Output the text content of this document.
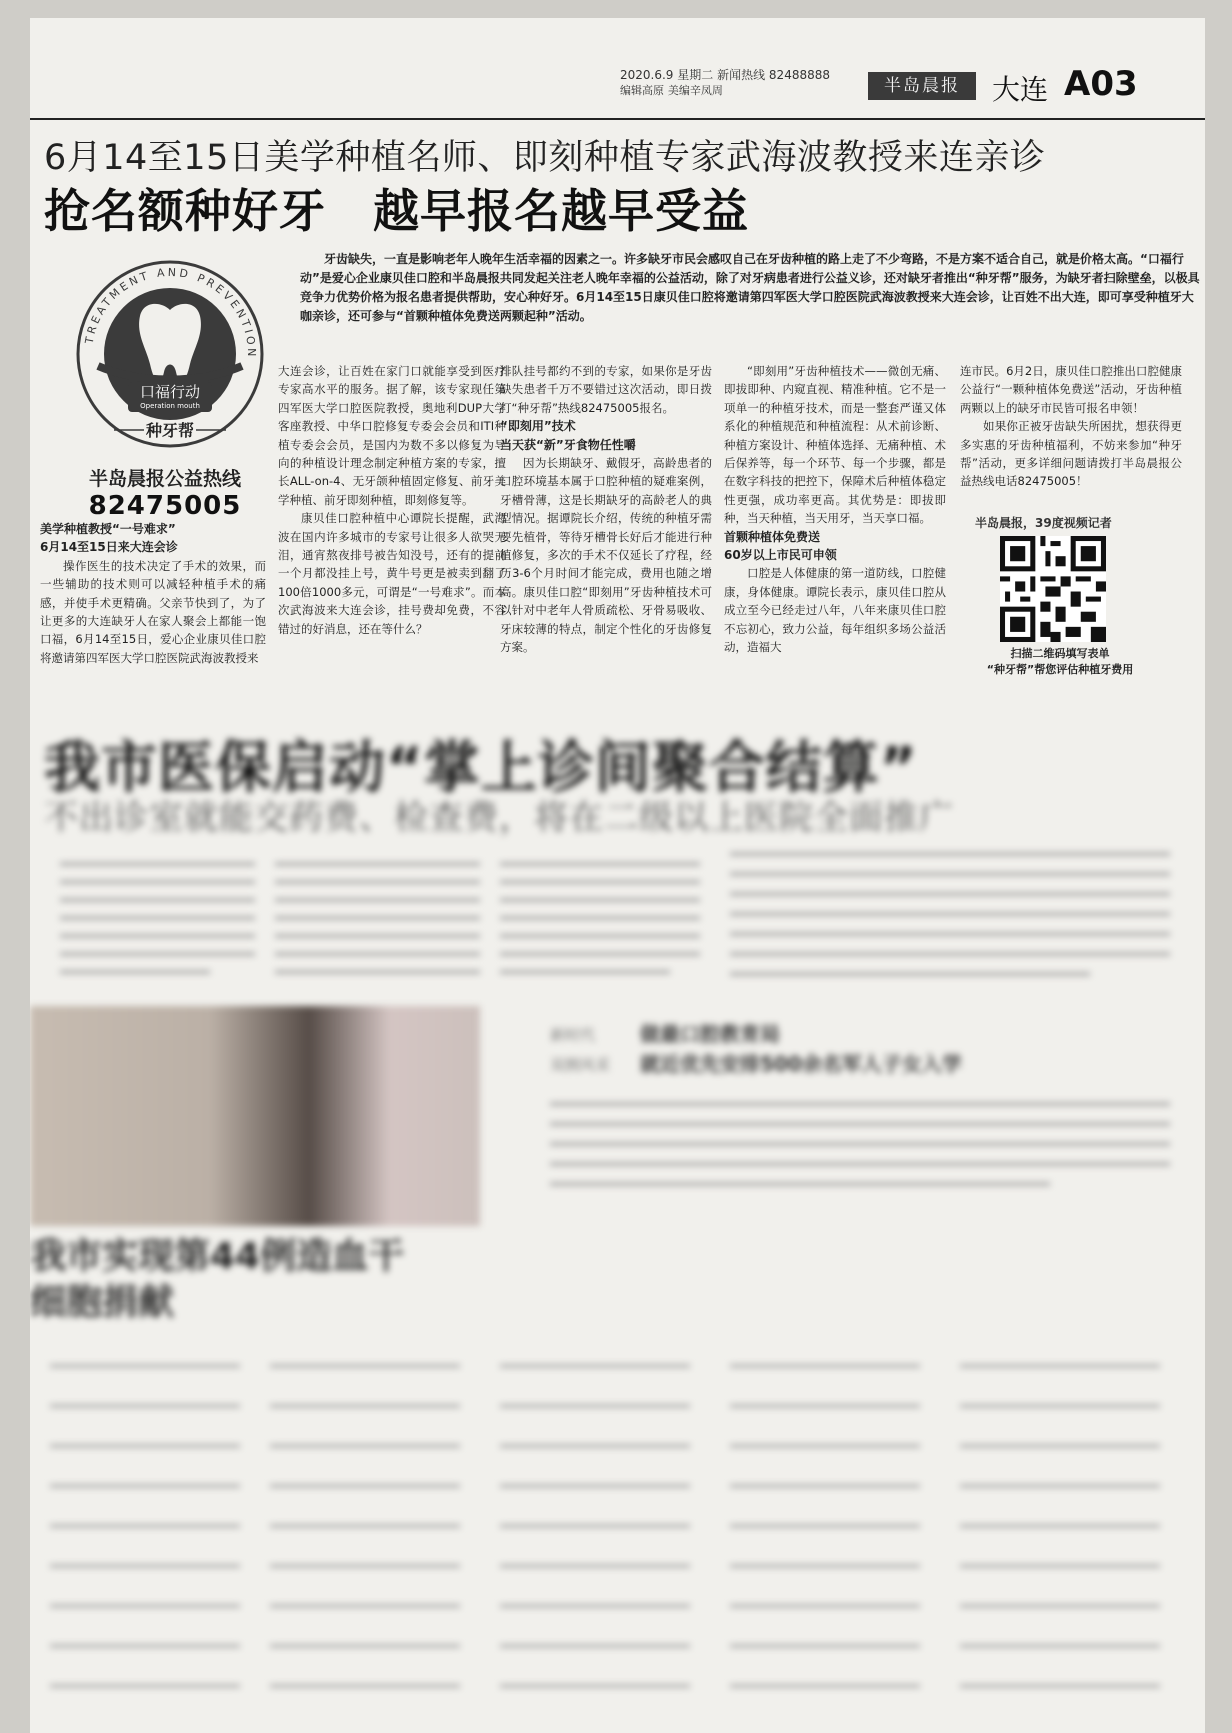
2020.6.9 星期二 新闻热线 82488888
编辑高原 美编辛凤周	半岛晨报	大连 A03
6月14至15日美学种植名师、即刻种植专家武海波教授来连亲诊
抢名额种好牙　越早报名越早受益
TREATMENT AND PREVENTION
口福行动
Operation mouth
种牙帮
半岛晨报公益热线
82475005
牙齿缺失，一直是影响老年人晚年生活幸福的因素之一。许多缺牙市民会感叹自己在牙齿种植的路上走了不少弯路，不是方案不适合自己，就是价格太高。“口福行动”是爱心企业康贝佳口腔和半岛晨报共同发起关注老人晚年幸福的公益活动，除了对牙病患者进行公益义诊，还对缺牙者推出“种牙帮”服务，为缺牙者扫除壁垒，以极具竞争力优势价格为报名患者提供帮助，安心种好牙。6月14至15日康贝佳口腔将邀请第四军医大学口腔医院武海波教授来大连会诊，让百姓不出大连，即可享受种植牙大咖亲诊，还可参与“首颗种植体免费送两颗起种”活动。

美学种植教授“一号难求”

6月14至15日来大连会诊

操作医生的技术决定了手术的效果，而一些辅助的技术则可以减轻种植手术的痛感，并使手术更精确。父亲节快到了，为了让更多的大连缺牙人在家人聚会上都能一饱口福，6月14至15日，爱心企业康贝佳口腔将邀请第四军医大学口腔医院武海波教授来

大连会诊，让百姓在家门口就能享受到医疗专家高水平的服务。据了解，该专家现任第四军医大学口腔医院教授，奥地利DUP大学客座教授、中华口腔修复专委会会员和ITI种植专委会会员，是国内为数不多以修复为导向的种植设计理念制定种植方案的专家，擅长ALL-on-4、无牙颌种植固定修复、前牙美学种植、前牙即刻种植，即刻修复等。

康贝佳口腔种植中心谭院长提醒，武海波在国内许多城市的专家号让很多人欲哭无泪，通宵熬夜排号被告知没号，还有的提前一个月都没挂上号，黄牛号更是被卖到翻了100倍1000多元，可谓是“一号难求”。而本次武海波来大连会诊，挂号费却免费，不容错过的好消息，还在等什么？

排队挂号都约不到的专家，如果你是牙齿缺失患者千万不要错过这次活动，即日拨打“种牙帮”热线82475005报名。

“即刻用”技术

当天获“新”牙食物任性嚼

因为长期缺牙、戴假牙，高龄患者的口腔环境基本属于口腔种植的疑难案例，牙槽骨薄，这是长期缺牙的高龄老人的典型情况。据谭院长介绍，传统的种植牙需要先植骨，等待牙槽骨长好后才能进行种植修复，多次的手术不仅延长了疗程，经历3-6个月时间才能完成，费用也随之增高。康贝佳口腔“即刻用”牙齿种植技术可以针对中老年人骨质疏松、牙骨易吸收、牙床较薄的特点，制定个性化的牙齿修复方案。

“即刻用”牙齿种植技术——微创无痛、即拔即种、内窥直视、精准种植。它不是一项单一的种植牙技术，而是一整套严谨又体系化的种植规范和种植流程：从术前诊断、种植方案设计、种植体选择、无痛种植、术后保养等，每一个环节、每一个步骤，都是在数字科技的把控下，保障术后种植体稳定性更强，成功率更高。其优势是：即拔即种，当天种植，当天用牙，当天享口福。

首颗种植体免费送

60岁以上市民可申领

口腔是人体健康的第一道防线，口腔健康，身体健康。谭院长表示，康贝佳口腔从成立至今已经走过八年，八年来康贝佳口腔不忘初心，致力公益，每年组织多场公益活动，造福大

连市民。6月2日，康贝佳口腔推出口腔健康公益行“一颗种植体免费送”活动，牙齿种植两颗以上的缺牙市民皆可报名申领！

如果你正被牙齿缺失所困扰，想获得更多实惠的牙齿种植福利，不妨来参加“种牙帮”活动，更多详细问题请拨打半岛晨报公益热线电话82475005！

半岛晨报，39度视频记者
扫描二维码填写表单
“种牙帮”帮您评估种植牙费用
我市医保启动“掌上诊间聚合结算”
不出诊室就能交药费、检查费，将在二级以上医院全面推广
我市实现第44例造血干细胞捐献
新时代 做最口腔教育局
双拥风采 就近优先安排500余名军人子女入学
